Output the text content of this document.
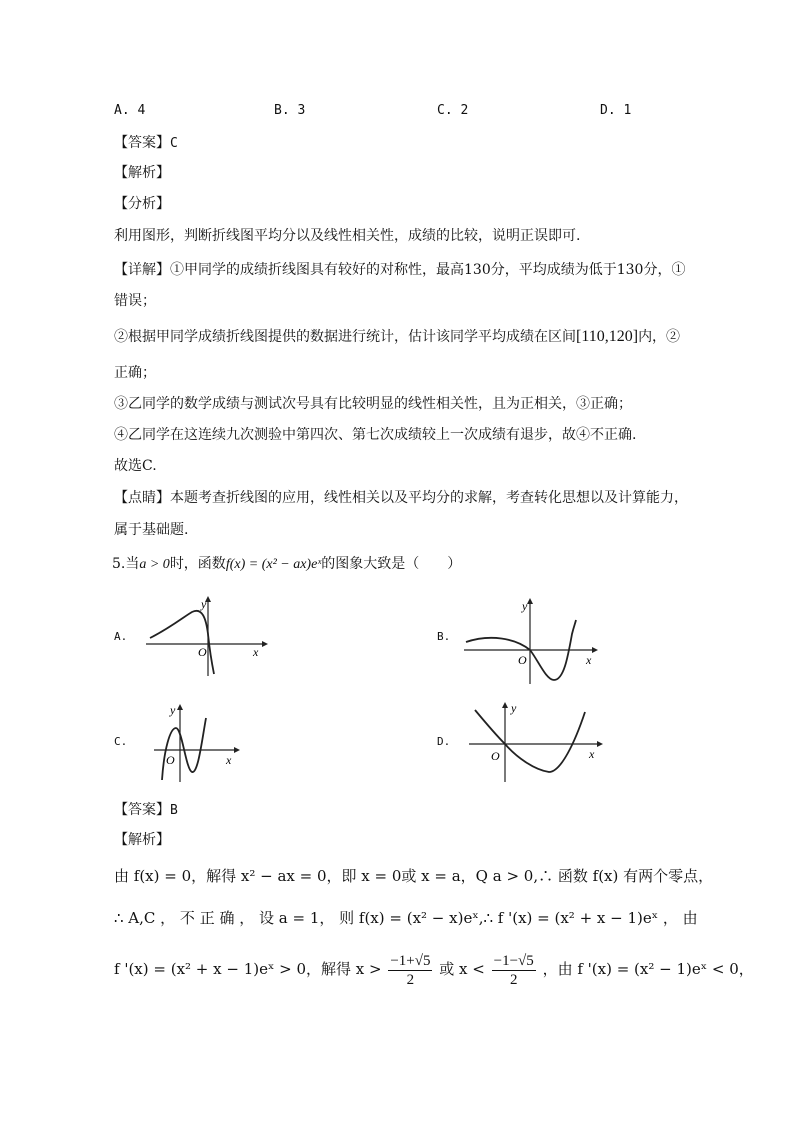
A. 4	B. 3	C. 2	D. 1
【答案】C
【解析】
【分析】
利用图形，判断折线图平均分以及线性相关性，成绩的比较，说明正误即可.
【详解】①甲同学的成绩折线图具有较好的对称性，最高130分，平均成绩为低于130分，①
错误；
②根据甲同学成绩折线图提供的数据进行统计，估计该同学平均成绩在区间[110,120]内，②
正确；
③乙同学的数学成绩与测试次号具有比较明显的线性相关性，且为正相关，③正确；
④乙同学在这连续九次测验中第四次、第七次成绩较上一次成绩有退步，故④不正确.
故选C.
【点睛】本题考查折线图的应用，线性相关以及平均分的求解，考查转化思想以及计算能力，
属于基础题.
5.当a > 0时，函数f(x) = (x² − ax)eˣ的图象大致是（　　）
A.
y
x
O
B.
y
x
O
C.
y
x
O
D.
y
x
O
【答案】B
【解析】
由 f(x) = 0，解得 x² − ax = 0，即 x = 0或 x = a，Q a > 0,∴ 函数 f(x) 有两个零点，
∴ A,C ， 不 正 确 ， 设 a = 1， 则 f(x) = (x² − x)eˣ,∴ f '(x) = (x² + x − 1)eˣ ， 由
f '(x) = (x² + x − 1)eˣ > 0，解得 $x > \frac{-1+√5}{2}$ 或 $x < \frac{-1-√5}{2}$ ，由 f '(x) = (x² − 1)eˣ < 0，
